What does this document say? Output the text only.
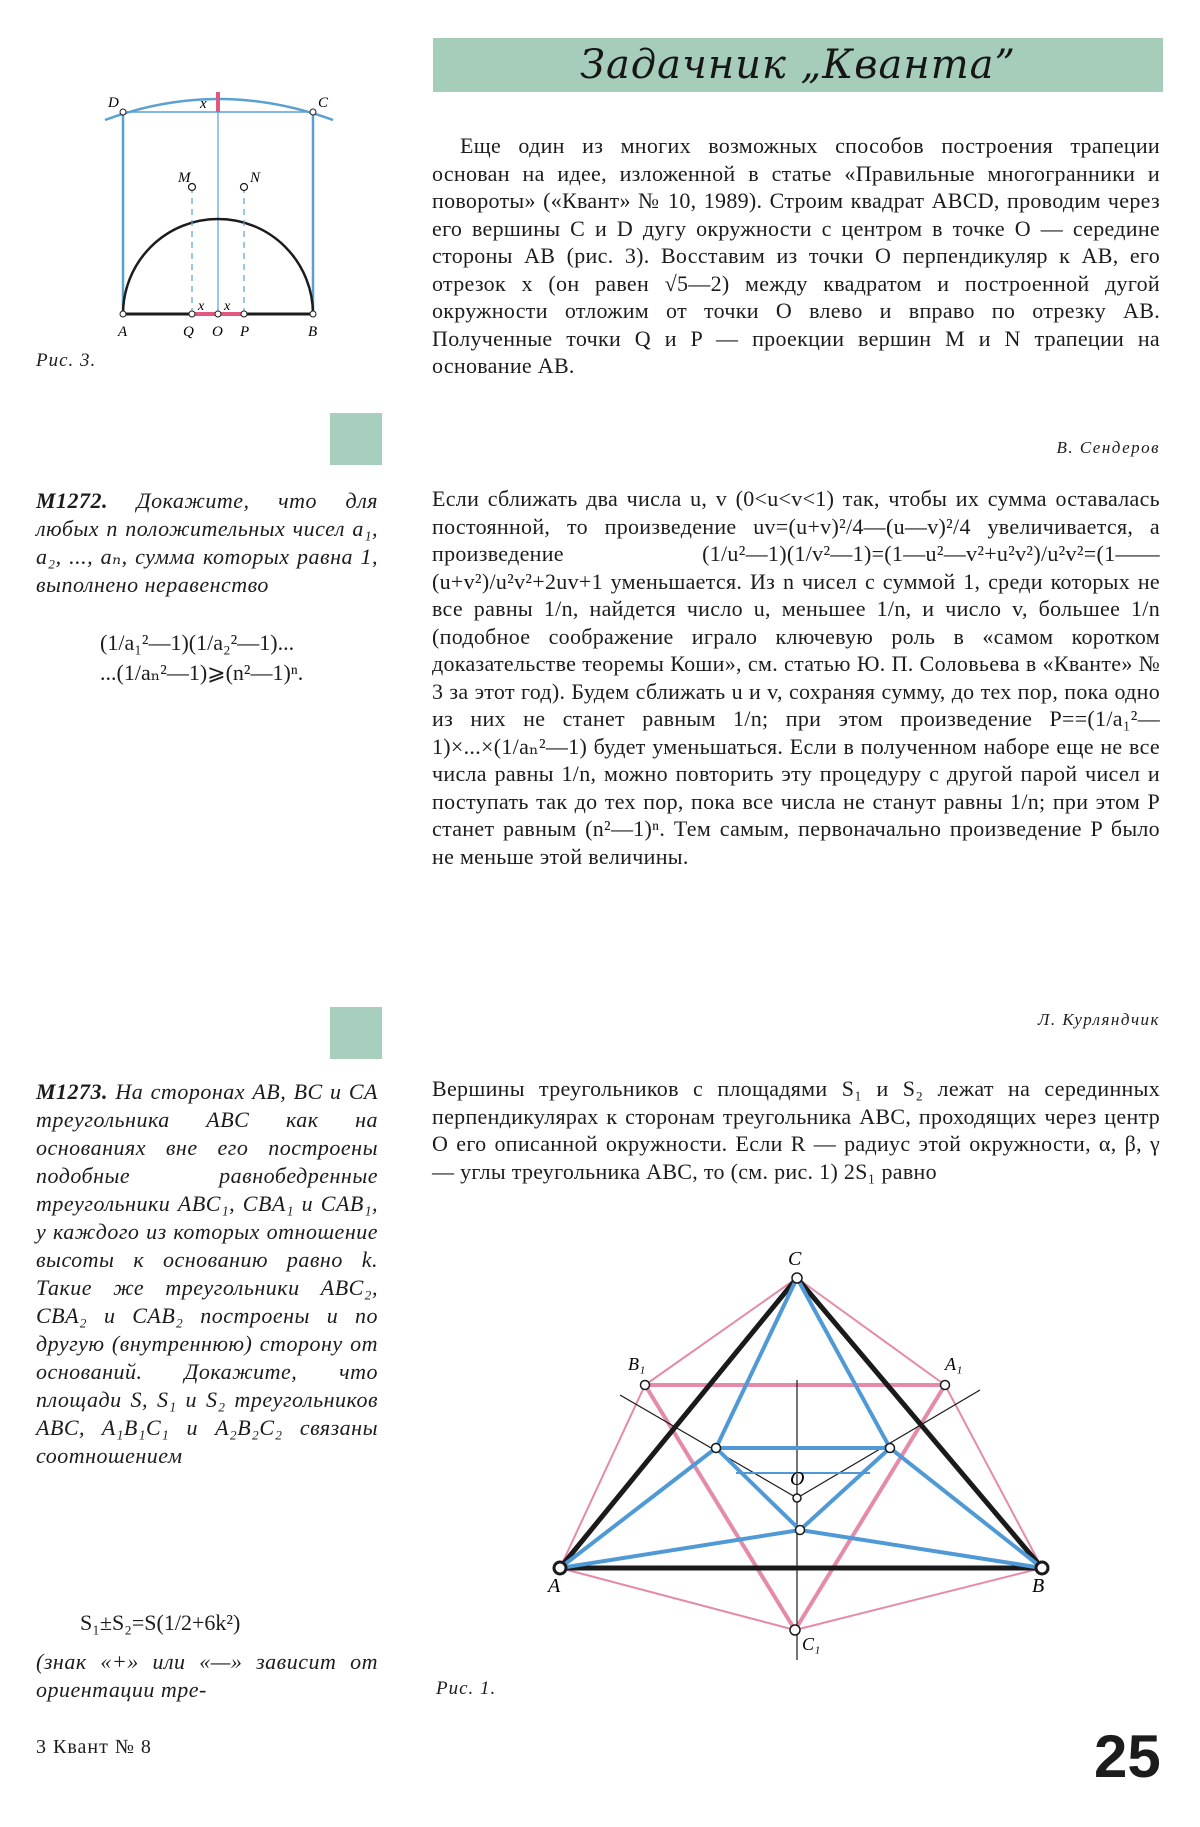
Задачник „Кванта”
D	x	C
M	N
x x
A	Q O P	B
Рис. 3.

Еще один из многих возможных способов построения трапеции основан на идее, изложенной в статье «Правильные многогранники и повороты» («Квант» № 10, 1989). Строим квадрат ABCD, проводим через его вершины C и D дугу окружности с центром в точке O — середине стороны AB (рис. 3). Восставим из точки O перпендикуляр к AB, его отрезок x (он равен √5—2) между квадратом и построенной дугой окружности отложим от точки O влево и вправо по отрезку AB. Полученные точки Q и P — проекции вершин M и N трапеции на основание AB.

В. Сендеров
М1272. Докажите, что для любых n положительных чисел a₁, a₂, ..., aₙ, сумма которых равна 1, выполнено неравенство
(1/a₁²—1)(1/a₂²—1)...
...(1/aₙ²—1)⩾(n²—1)ⁿ.

Если сближать два числа u, v (0<u<v<1) так, чтобы их сумма оставалась постоянной, то произведение uv=(u+v)²/4—(u—v)²/4 увеличивается, а произведение (1/u²—1)(1/v²—1)=(1—u²—v²+u²v²)/u²v²=(1——(u+v²)/u²v²+2uv+1 уменьшается. Из n чисел с суммой 1, среди которых не все равны 1/n, найдется число u, меньшее 1/n, и число v, большее 1/n (подобное соображение играло ключевую роль в «самом коротком доказательстве теоремы Коши», см. статью Ю. П. Соловьева в «Кванте» № 3 за этот год). Будем сближать u и v, сохраняя сумму, до тех пор, пока одно из них не станет равным 1/n; при этом произведение P==(1/a₁²—1)×...×(1/aₙ²—1) будет уменьшаться. Если в полученном наборе еще не все числа равны 1/n, можно повторить эту процедуру с другой парой чисел и поступать так до тех пор, пока все числа не станут равны 1/n; при этом P станет равным (n²—1)ⁿ. Тем самым, первоначально произведение P было не меньше этой величины.

Л. Курляндчик
М1273. На сторонах AB, BC и CA треугольника ABC как на основаниях вне его построены подобные равнобедренные треугольники ABC₁, CBA₁ и CAB₁, у каждого из которых отношение высоты к основанию равно k. Такие же треугольники ABC₂, CBA₂ и CAB₂ построены и по другую (внутреннюю) сторону от оснований. Докажите, что площади S, S₁ и S₂ треугольников ABC, A₁B₁C₁ и A₂B₂C₂ связаны соотношением
S₁±S₂=S(1/2+6k²)
(знак «+» или «—» зависит от ориентации тре-

Вершины треугольников с площадями S₁ и S₂ лежат на серединных перпендикулярах к сторонам треугольника ABC, проходящих через центр O его описанной окружности. Если R — радиус этой окружности, α, β, γ — углы треугольника ABC, то (см. рис. 1) 2S₁ равно

C
B₁	A₁
O
A	B
C₁
Рис. 1.
3 Квант № 8	25
